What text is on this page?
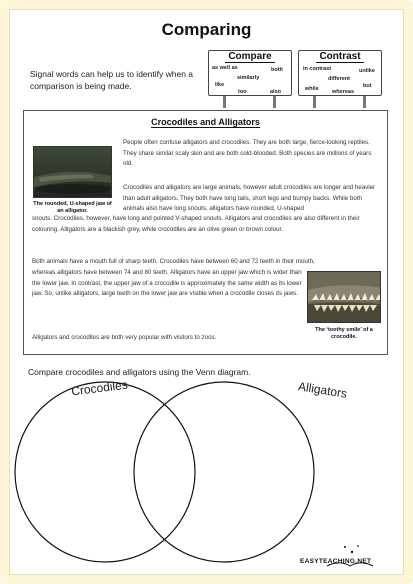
Comparing
Signal words can help us to identify when a comparison is being made.
Compare
as well as	both
similarly
like
too	also
Contrast
in contrast	unlike
different
while	but
whereas
Crocodiles and Alligators
The rounded, U-shaped jaw of an alligator.
People often confuse alligators and crocodiles. They are both large, fierce-looking reptiles. They share similar scaly skin and are both cold-blooded. Both species are millions of years old.
Crocodiles and alligators are large animals, however adult crocodiles are longer and heavier than adult alligators. They both have long tails, short legs and bumpy backs. While both animals also have long snouts, alligators have rounded, U-shaped
snouts. Crocodiles, however, have long and pointed V-shaped snouts. Alligators and crocodiles are also different in their colouring. Alligators are a blackish grey, while crocodiles are an olive green or brown colour.
Both animals have a mouth full of sharp teeth. Crocodiles have between 60 and 72 teeth in their mouth,
whereas alligators have between 74 and 80 teeth. Alligators have an upper jaw which is wider than the lower jaw. In contrast, the upper jaw of a crocodile is approximately the same width as its lower jaw. So, unlike alligators, large teeth on the lower jaw are visible when a crocodile closes its jaws.
Alligators and crocodiles are both very popular with visitors to zoos.
The ‘toothy smile’ of a crocodile.
Compare crocodiles and alligators using the Venn diagram.
Crocodiles	Alligators
EASYTEACHING.NET
